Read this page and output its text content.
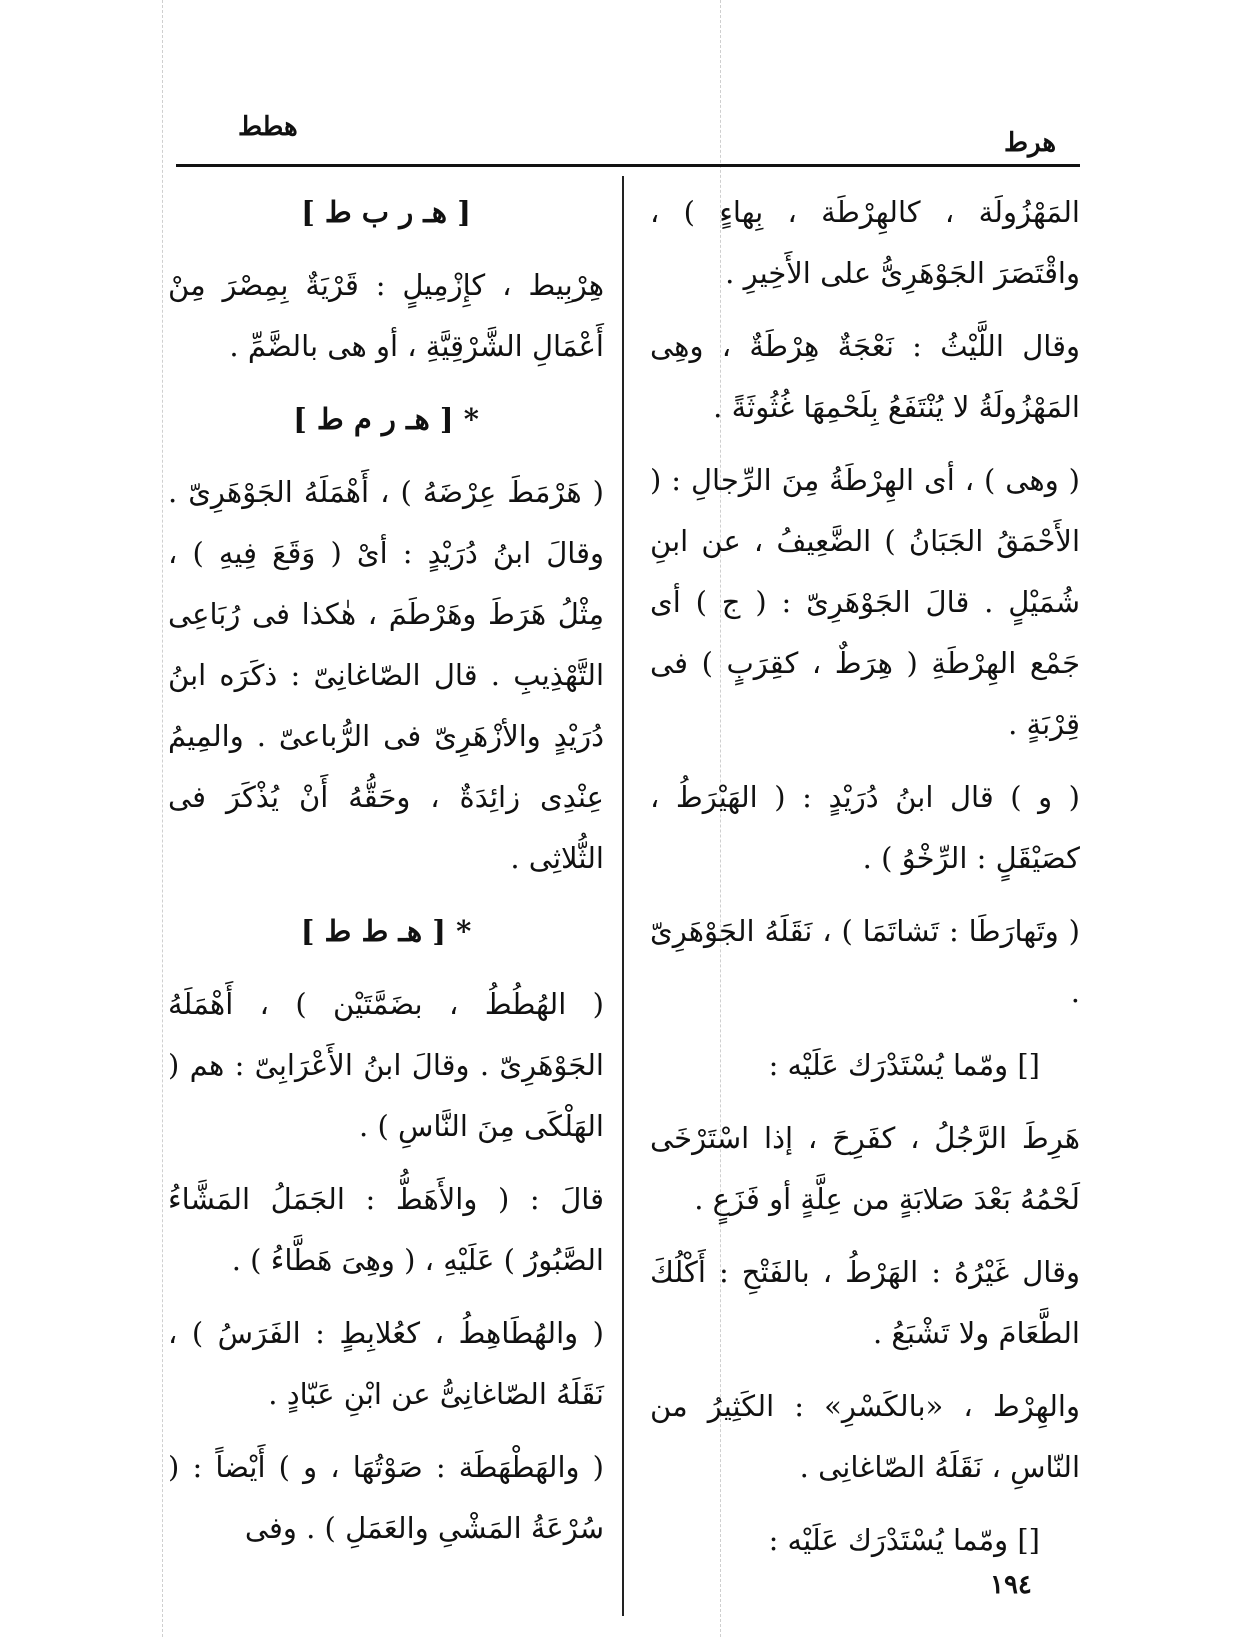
هطط
هرط

المَهْزُولَة ، كالهِرْطَة ، بِهاءٍ ) ، واقْتَصَرَ الجَوْهَرِىُّ على الأَخِيرِ .

وقال اللَّيْثُ : نَعْجَةٌ هِرْطَةٌ ، وهِى المَهْزُولَةُ لا يُنْتَفَعُ بِلَحْمِهَا غُثُوثَةً .

( وهى ) ، أى الهِرْطَةُ مِنَ الرِّجالِ : ( الأَحْمَقُ الجَبَانُ ) الضَّعِيفُ ، عن ابنِ شُمَيْلٍ . قالَ الجَوْهَرِىّ : ( ج ) أى جَمْع الهِرْطَةِ ( هِرَطٌ ، كقِرَبٍ ) فى قِرْبَةٍ .

( و ) قال ابنُ دُرَيْدٍ : ( الهَيْرَطُ ، كصَيْقَلٍ : الرِّخْوُ ) .

( وتَهارَطَا : تَشاتَمَا ) ، نَقَلَهُ الجَوْهَرِىّ .

[] ومّما يُسْتَدْرَك عَلَيْه :

هَرِطَ الرَّجُلُ ، كفَرِحَ ، إذا اسْتَرْخَى لَحْمُهُ بَعْدَ صَلابَةٍ من عِلَّةٍ أو فَزَعٍ .

وقال غَيْرُهُ : الهَرْطُ ، بالفَتْحِ : أَكْلُكَ الطَّعَامَ ولا تَشْبَعُ .

والهِرْط ، «بالكَسْرِ» : الكَثِيرُ من النّاسِ ، نَقَلَهُ الصّاغانِى .

[] ومّما يُسْتَدْرَك عَلَيْه :

[ هـ ر ب ط ]

هِرْبِيط ، كإِزْمِيلٍ : قَرْيَةٌ بِمِصْرَ مِنْ أَعْمَالِ الشَّرْقِيَّةِ ، أو هى بالضَّمِّ .

* [ هـ ر م ط ]

( هَرْمَطَ عِرْضَهُ ) ، أَهْمَلَهُ الجَوْهَرِىّ . وقالَ ابنُ دُرَيْدٍ : أىْ ( وَقَعَ فِيهِ ) ، مِثْلُ هَرَطَ وهَرْطَمَ ، هٰكذا فى رُبَاعِى التَّهْذِيبِ . قال الصّاغانِىّ : ذكَرَه ابنُ دُرَيْدٍ والأزْهَرِىّ فى الرُّباعىّ . والمِيمُ عِنْدِى زائِدَةٌ ، وحَقُّهُ أَنْ يُذْكَرَ فى الثُّلاثِى .

* [ هـ ط ط ]

( الهُطُطُ ، بضَمَّتَيْن ) ، أَهْمَلَهُ الجَوْهَرِىّ . وقالَ ابنُ الأَعْرَابِىّ : هم ( الهَلْكَى مِنَ النَّاسِ ) .

قالَ : ( والأَهَطُّ : الجَمَلُ المَشَّاءُ الصَّبُورُ ) عَلَيْهِ ، ( وهِىَ هَطَّاءُ ) .

( والهُطَاهِطُ ، كعُلابِطٍ : الفَرَسُ ) ، نَقَلَهُ الصّاغانِىُّ عن ابْنِ عَبّادٍ .

( والهَطْهَطَة : صَوْتُهَا ، و ) أَيْضاً : ( سُرْعَةُ المَشْىِ والعَمَلِ ) . وفى

١٩٤
